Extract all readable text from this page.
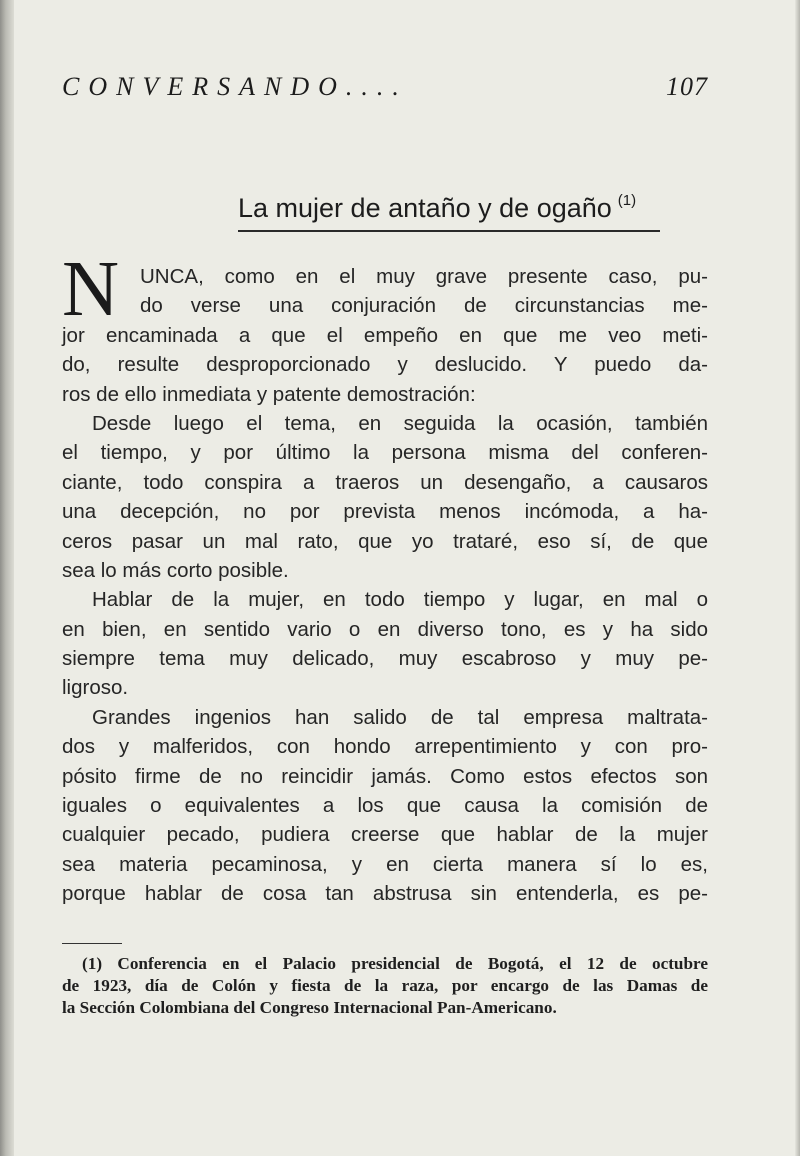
CONVERSANDO....	107
La mujer de antaño y de ogaño $^{(1)}$
N	UNCA, como en el muy grave presente caso, pu-
do verse una conjuración de circunstancias me-
jor encaminada a que el empeño en que me veo meti-
do, resulte desproporcionado y deslucido. Y puedo da-
ros de ello inmediata y patente demostración:
Desde luego el tema, en seguida la ocasión, también
el tiempo, y por último la persona misma del conferen-
ciante, todo conspira a traeros un desengaño, a causaros
una decepción, no por prevista menos incómoda, a ha-
ceros pasar un mal rato, que yo trataré, eso sí, de que
sea lo más corto posible.
Hablar de la mujer, en todo tiempo y lugar, en mal o
en bien, en sentido vario o en diverso tono, es y ha sido
siempre tema muy delicado, muy escabroso y muy pe-
ligroso.
Grandes ingenios han salido de tal empresa maltrata-
dos y malferidos, con hondo arrepentimiento y con pro-
pósito firme de no reincidir jamás. Como estos efectos son
iguales o equivalentes a los que causa la comisión de
cualquier pecado, pudiera creerse que hablar de la mujer
sea materia pecaminosa, y en cierta manera sí lo es,
porque hablar de cosa tan abstrusa sin entenderla, es pe-
(1) Conferencia en el Palacio presidencial de Bogotá, el 12 de octubre
de 1923, día de Colón y fiesta de la raza, por encargo de las Damas de
la Sección Colombiana del Congreso Internacional Pan-Americano.
